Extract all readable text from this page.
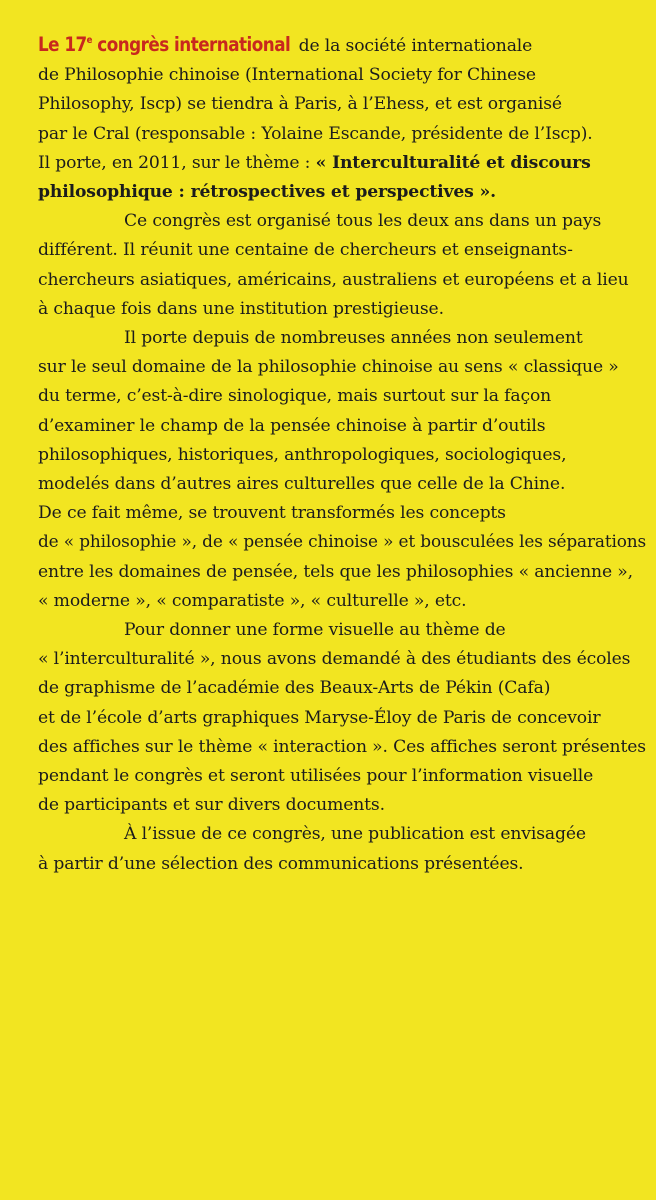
Le 17e congrès international de la société internationale
de Philosophie chinoise (International Society for Chinese
Philosophy, Iscp) se tiendra à Paris, à l’Ehess, et est organisé
par le Cral (responsable : Yolaine Escande, présidente de l’Iscp).
Il porte, en 2011, sur le thème : « Interculturalité et discours
philosophique : rétrospectives et perspectives ».
Ce congrès est organisé tous les deux ans dans un pays
différent. Il réunit une centaine de chercheurs et enseignants-
chercheurs asiatiques, américains, australiens et européens et a lieu
à chaque fois dans une institution prestigieuse.
Il porte depuis de nombreuses années non seulement
sur le seul domaine de la philosophie chinoise au sens « classique »
du terme, c’est-à-dire sinologique, mais surtout sur la façon
d’examiner le champ de la pensée chinoise à partir d’outils
philosophiques, historiques, anthropologiques, sociologiques,
modelés dans d’autres aires culturelles que celle de la Chine.
De ce fait même, se trouvent transformés les concepts
de « philosophie », de « pensée chinoise » et bousculées les séparations
entre les domaines de pensée, tels que les philosophies « ancienne »,
« moderne », « comparatiste », « culturelle », etc.
Pour donner une forme visuelle au thème de
« l’interculturalité », nous avons demandé à des étudiants des écoles
de graphisme de l’académie des Beaux-Arts de Pékin (Cafa)
et de l’école d’arts graphiques Maryse-Éloy de Paris de concevoir
des affiches sur le thème « interaction ». Ces affiches seront présentes
pendant le congrès et seront utilisées pour l’information visuelle
de participants et sur divers documents.
À l’issue de ce congrès, une publication est envisagée
à partir d’une sélection des communications présentées.
